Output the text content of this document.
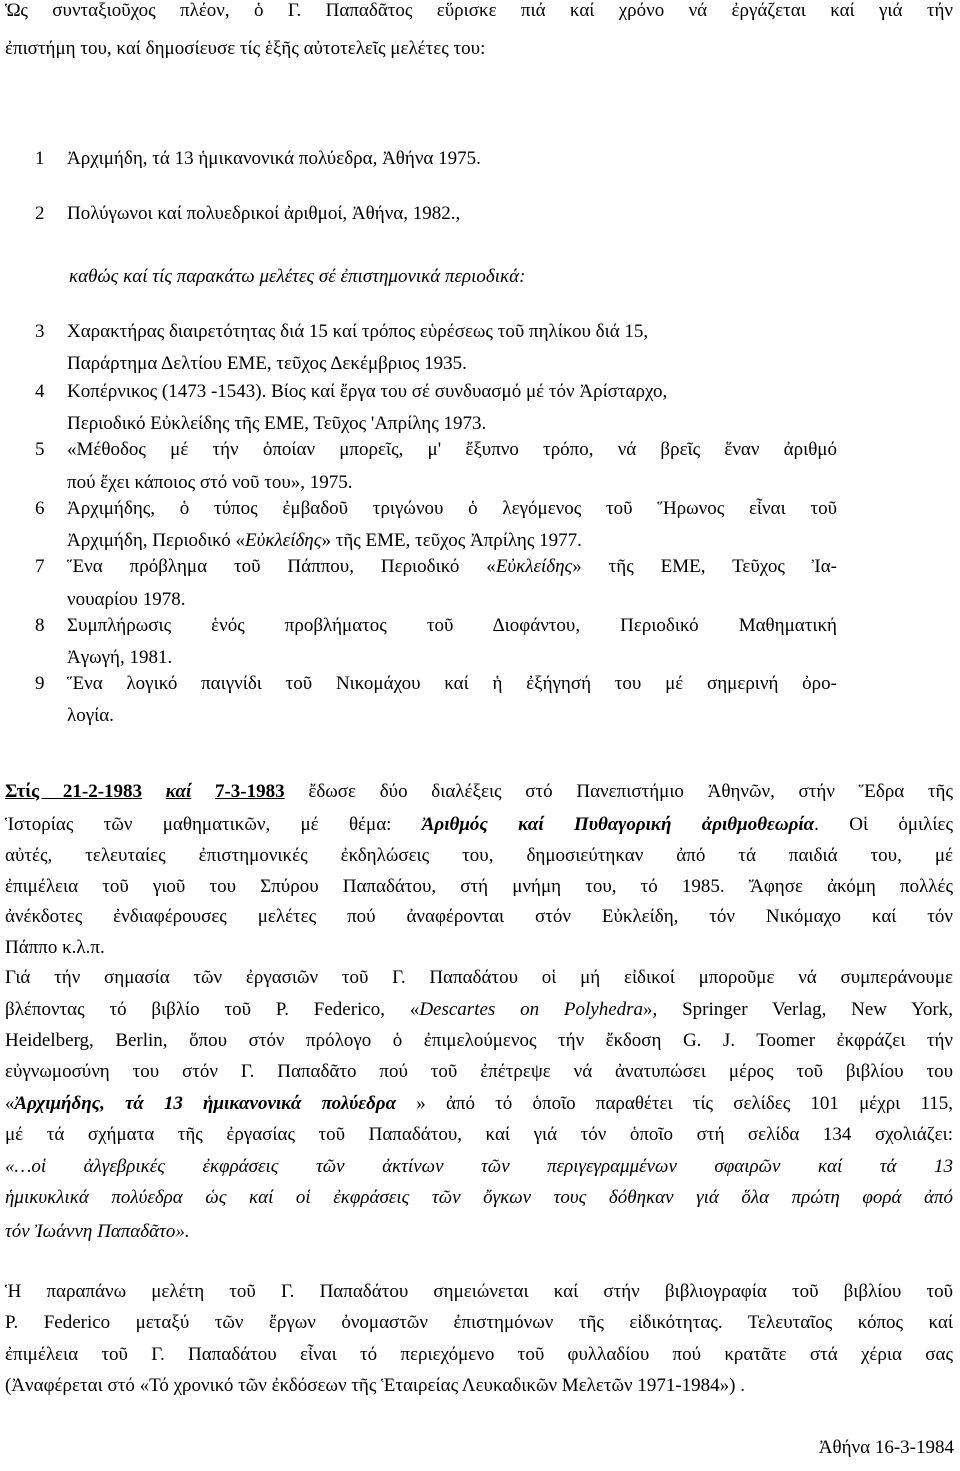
Ὡς συνταξιοῦχος πλέον, ὁ Γ. Παπαδᾶτος εὕρισκε πιά καί χρόνο νά ἐργάζεται καί γιά τήν
ἐπιστήμη του, καί δημοσίευσε τίς ἑξῆς αὐτοτελεῖς μελέτες του:
1 Ἀρχιμήδη, τά 13 ἡμικανονικά πολύεδρα, Ἀθήνα 1975.
2 Πολύγωνοι καί πολυεδρικοί ἀριθμοί, Ἀθήνα, 1982.,
καθώς καί τίς παρακάτω μελέτες σέ ἐπιστημονικά περιοδικά:
3 Χαρακτήρας διαιρετότητας διά 15 καί τρόπος εὑρέσεως τοῦ πηλίκου διά 15,
Παράρτημα Δελτίου ΕΜΕ, τεῦχος Δεκέμβριος 1935.
4 Κοπέρνικος (1473 -1543). Βίος καί ἔργα του σέ συνδυασμό μέ τόν Ἀρίσταρχο,
Περιοδικό Εὐκλείδης τῆς ΕΜΕ, Τεῦχος 'Απρίλης 1973.
5 «Μέθοδος μέ τήν ὁποίαν μπορεῖς, μ' ἔξυπνο τρόπο, νά βρεῖς ἕναν ἀριθμό
πού ἔχει κάποιος στό νοῦ του», 1975.
6 Ἀρχιμήδης, ὁ τύπος ἐμβαδοῦ τριγώνου ὁ λεγόμενος τοῦ Ἥρωνος εἶναι τοῦ
Ἀρχιμήδη, Περιοδικό «Εὐκλείδης» τῆς ΕΜΕ, τεῦχος Ἀπρίλης 1977.
7 Ἕνα πρόβλημα τοῦ Πάππου, Περιοδικό «Εὐκλείδης» τῆς ΕΜΕ, Τεῦχος Ἰα-
νουαρίου 1978.
8 Συμπλήρωσις ἑνός προβλήματος τοῦ Διοφάντου, Περιοδικό Μαθηματική
Ἀγωγή, 1981.
9 Ἕνα λογικό παιγνίδι τοῦ Νικομάχου καί ἡ ἐξήγησή του μέ σημερινή ὀρο-
λογία.
Στίς 21-2-1983 καί 7-3-1983 ἔδωσε δύο διαλέξεις στό Πανεπιστήμιο Ἀθηνῶν, στήν Ἕδρα τῆς
Ἱστορίας τῶν μαθηματικῶν, μέ θέμα: Ἀριθμός καί Πυθαγορική ἀριθμοθεωρία. Οἱ ὁμιλίες
αὐτές, τελευταίες ἐπιστημονικές ἐκδηλώσεις του, δημοσιεύτηκαν ἀπό τά παιδιά του, μέ
ἐπιμέλεια τοῦ γιοῦ του Σπύρου Παπαδάτου, στή μνήμη του, τό 1985. Ἄφησε ἀκόμη πολλές
ἀνέκδοτες ἐνδιαφέρουσες μελέτες πού ἀναφέρονται στόν Εὐκλείδη, τόν Νικόμαχο καί τόν
Πάππο κ.λ.π.
Γιά τήν σημασία τῶν ἐργασιῶν τοῦ Γ. Παπαδάτου οἱ μή εἰδικοί μποροῦμε νά συμπεράνουμε
βλέποντας τό βιβλίο τοῦ Ρ. Federico, «Descartes on Polyhedra», Springer Verlag, New York,
Heidelberg, Berlin, ὅπου στόν πρόλογο ὁ ἐπιμελούμενος τήν ἔκδοση G. J. Toomer ἐκφράζει τήν
εὐγνωμοσύνη του στόν Γ. Παπαδᾶτο πού τοῦ ἐπέτρεψε νά ἀνατυπώσει μέρος τοῦ βιβλίου του
«Ἀρχιμήδης, τά 13 ἡμικανονικά πολύεδρα » ἀπό τό ὁποῖο παραθέτει τίς σελίδες 101 μέχρι 115,
μέ τά σχήματα τῆς ἐργασίας τοῦ Παπαδάτου, καί γιά τόν ὁποῖο στή σελίδα 134 σχολιάζει:
«…οἱ ἀλγεβρικές ἐκφράσεις τῶν ἀκτίνων τῶν περιγεγραμμένων σφαιρῶν καί τά 13
ἡμικυκλικά πολύεδρα ὡς καί οἱ ἐκφράσεις τῶν ὄγκων τους δόθηκαν γιά ὅλα πρώτη φορά ἀπό
τόν Ἰωάννη Παπαδᾶτο».
Ἡ παραπάνω μελέτη τοῦ Γ. Παπαδάτου σημειώνεται καί στήν βιβλιογραφία τοῦ βιβλίου τοῦ
Ρ. Federico μεταξύ τῶν ἔργων ὀνομαστῶν ἐπιστημόνων τῆς εἰδικότητας. Τελευταῖος κόπος καί
ἐπιμέλεια τοῦ Γ. Παπαδάτου εἶναι τό περιεχόμενο τοῦ φυλλαδίου πού κρατᾶτε στά χέρια σας
(Ἀναφέρεται στό «Τό χρονικό τῶν ἐκδόσεων τῆς Ἑταιρείας Λευκαδικῶν Μελετῶν 1971-1984») .
Ἀθήνα 16-3-1984
